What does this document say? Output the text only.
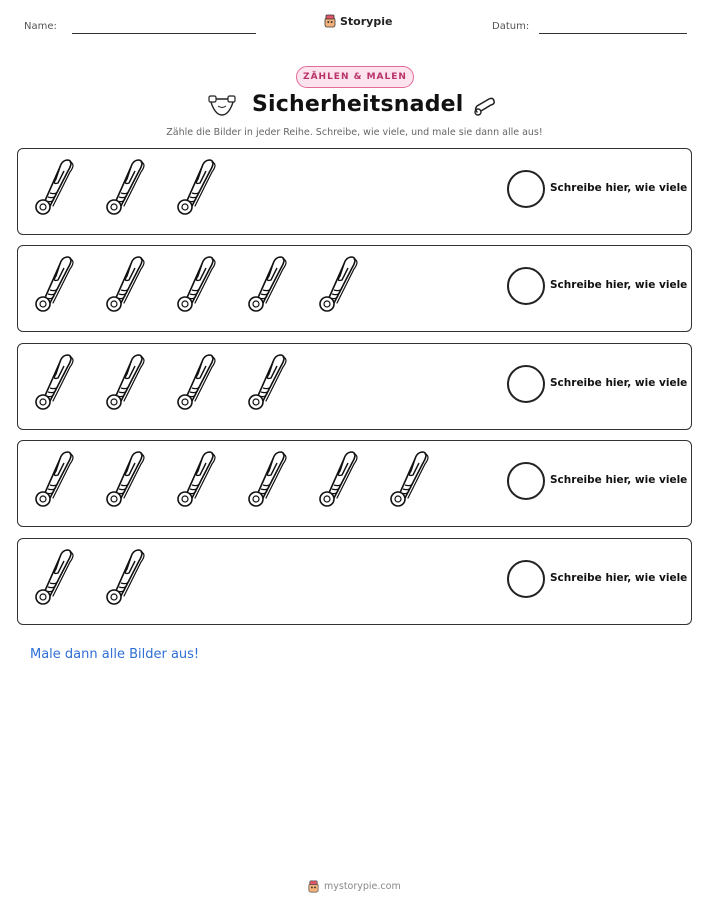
Name:	Storypie	Datum:
ZÄHLEN & MALEN
Sicherheitsnadel
Zähle die Bilder in jeder Reihe. Schreibe, wie viele, und male sie dann alle aus!
Schreibe hier, wie viele
Schreibe hier, wie viele
Schreibe hier, wie viele
Schreibe hier, wie viele
Schreibe hier, wie viele
Male dann alle Bilder aus!
mystorypie.com
